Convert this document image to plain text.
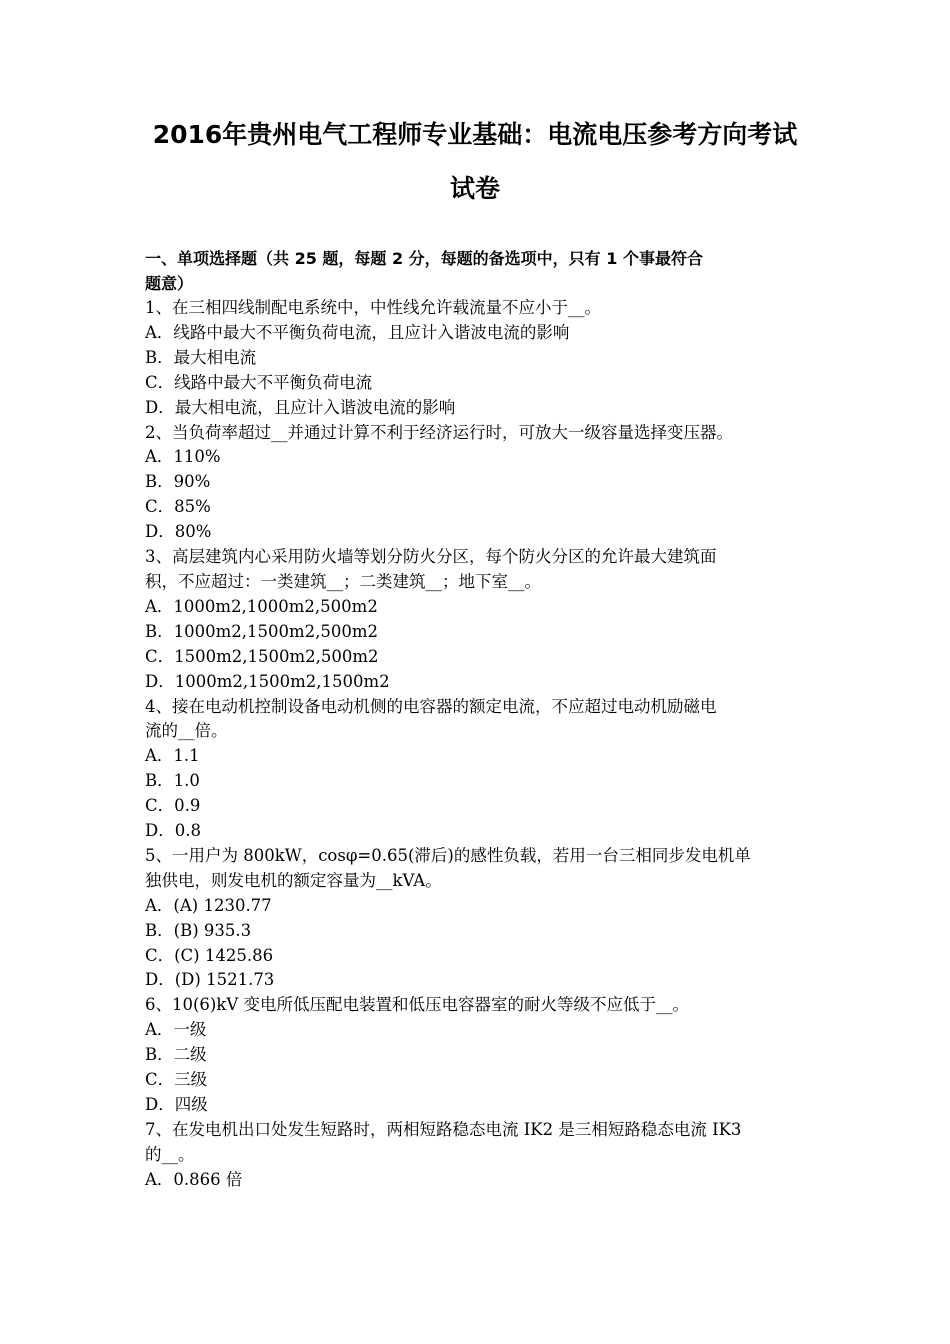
2016年贵州电气工程师专业基础：电流电压参考方向考试
试卷

一、单项选择题（共 25 题，每题 2 分，每题的备选项中，只有 1 个事最符合

题意）

1、在三相四线制配电系统中，中性线允许载流量不应小于__。

A．线路中最大不平衡负荷电流，且应计入谐波电流的影响

B．最大相电流

C．线路中最大不平衡负荷电流

D．最大相电流，且应计入谐波电流的影响

2、当负荷率超过__并通过计算不利于经济运行时，可放大一级容量选择变压器。

A．110%

B．90%

C．85%

D．80%

3、高层建筑内心采用防火墙等划分防火分区，每个防火分区的允许最大建筑面

积，不应超过：一类建筑__；二类建筑__；地下室__。

A．1000m2,1000m2,500m2

B．1000m2,1500m2,500m2

C．1500m2,1500m2,500m2

D．1000m2,1500m2,1500m2

4、接在电动机控制设备电动机侧的电容器的额定电流，不应超过电动机励磁电

流的__倍。

A．1.1

B．1.0

C．0.9

D．0.8

5、一用户为 800kW，cosφ=0.65(滞后)的感性负载，若用一台三相同步发电机单

独供电，则发电机的额定容量为__kVA。

A．(A) 1230.77

B．(B) 935.3

C．(C) 1425.86

D．(D) 1521.73

6、10(6)kV 变电所低压配电装置和低压电容器室的耐火等级不应低于__。

A．一级

B．二级

C．三级

D．四级

7、在发电机出口处发生短路时，两相短路稳态电流 IK2 是三相短路稳态电流 IK3

的__。

A．0.866 倍
